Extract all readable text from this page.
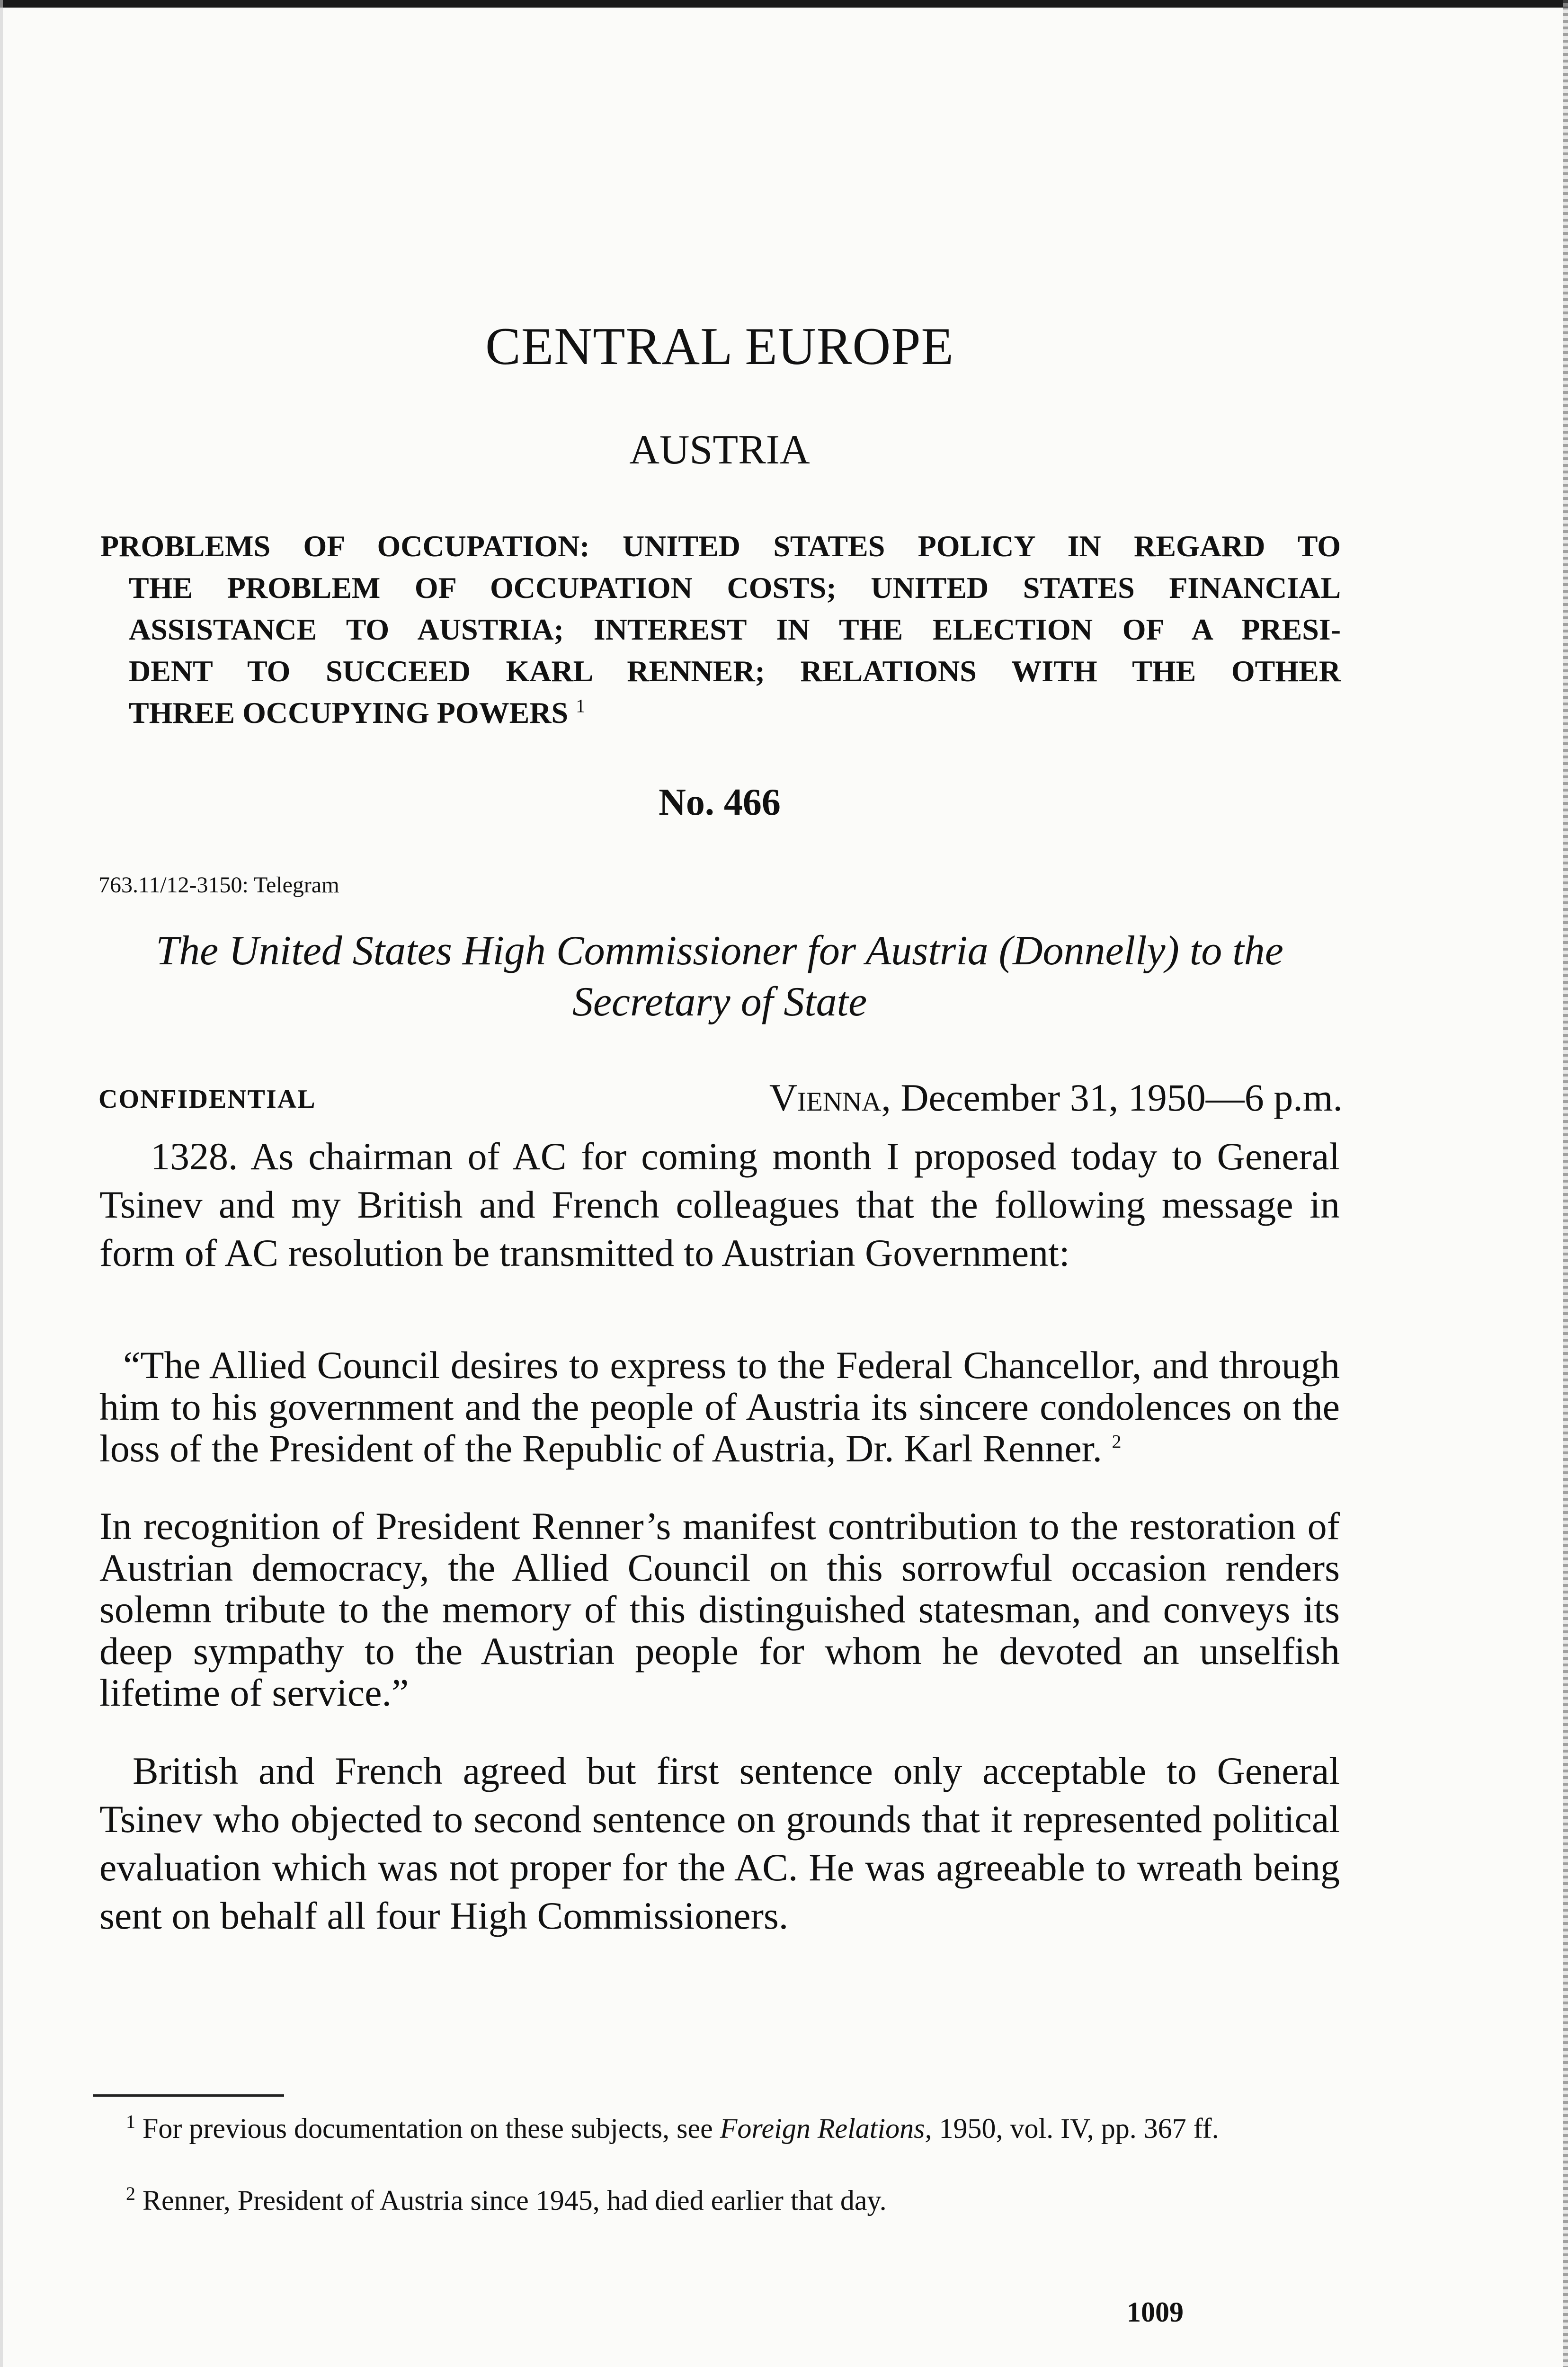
CENTRAL EUROPE
AUSTRIA
PROBLEMS OF OCCUPATION: UNITED STATES POLICY IN REGARD TO
THE PROBLEM OF OCCUPATION COSTS; UNITED STATES FINANCIAL
ASSISTANCE TO AUSTRIA; INTEREST IN THE ELECTION OF A PRESI-
DENT TO SUCCEED KARL RENNER; RELATIONS WITH THE OTHER
THREE OCCUPYING POWERS $^1$
No. 466
763.11/12-3150: Telegram
The United States High Commissioner for Austria (Donnelly) to the
Secretary of State
CONFIDENTIAL	Vienna, December 31, 1950—6 p.m.

1328. As chairman of AC for coming month I proposed today to General Tsinev and my British and French colleagues that the following message in form of AC resolution be transmitted to Austrian Government:

“The Allied Council desires to express to the Federal Chancellor, and through him to his government and the people of Austria its sincere condolences on the loss of the President of the Republic of Austria, Dr. Karl Renner. $^2$

In recognition of President Renner’s manifest contribution to the restoration of Austrian democracy, the Allied Council on this sorrowful occasion renders solemn tribute to the memory of this distinguished statesman, and conveys its deep sympathy to the Austrian people for whom he devoted an unselfish lifetime of service.”

British and French agreed but first sentence only acceptable to General Tsinev who objected to second sentence on grounds that it represented political evaluation which was not proper for the AC. He was agreeable to wreath being sent on behalf all four High Commissioners.

$^1$ For previous documentation on these subjects, see Foreign Relations, 1950, vol. IV, pp. 367 ff.

$^2$ Renner, President of Austria since 1945, had died earlier that day.

1009
